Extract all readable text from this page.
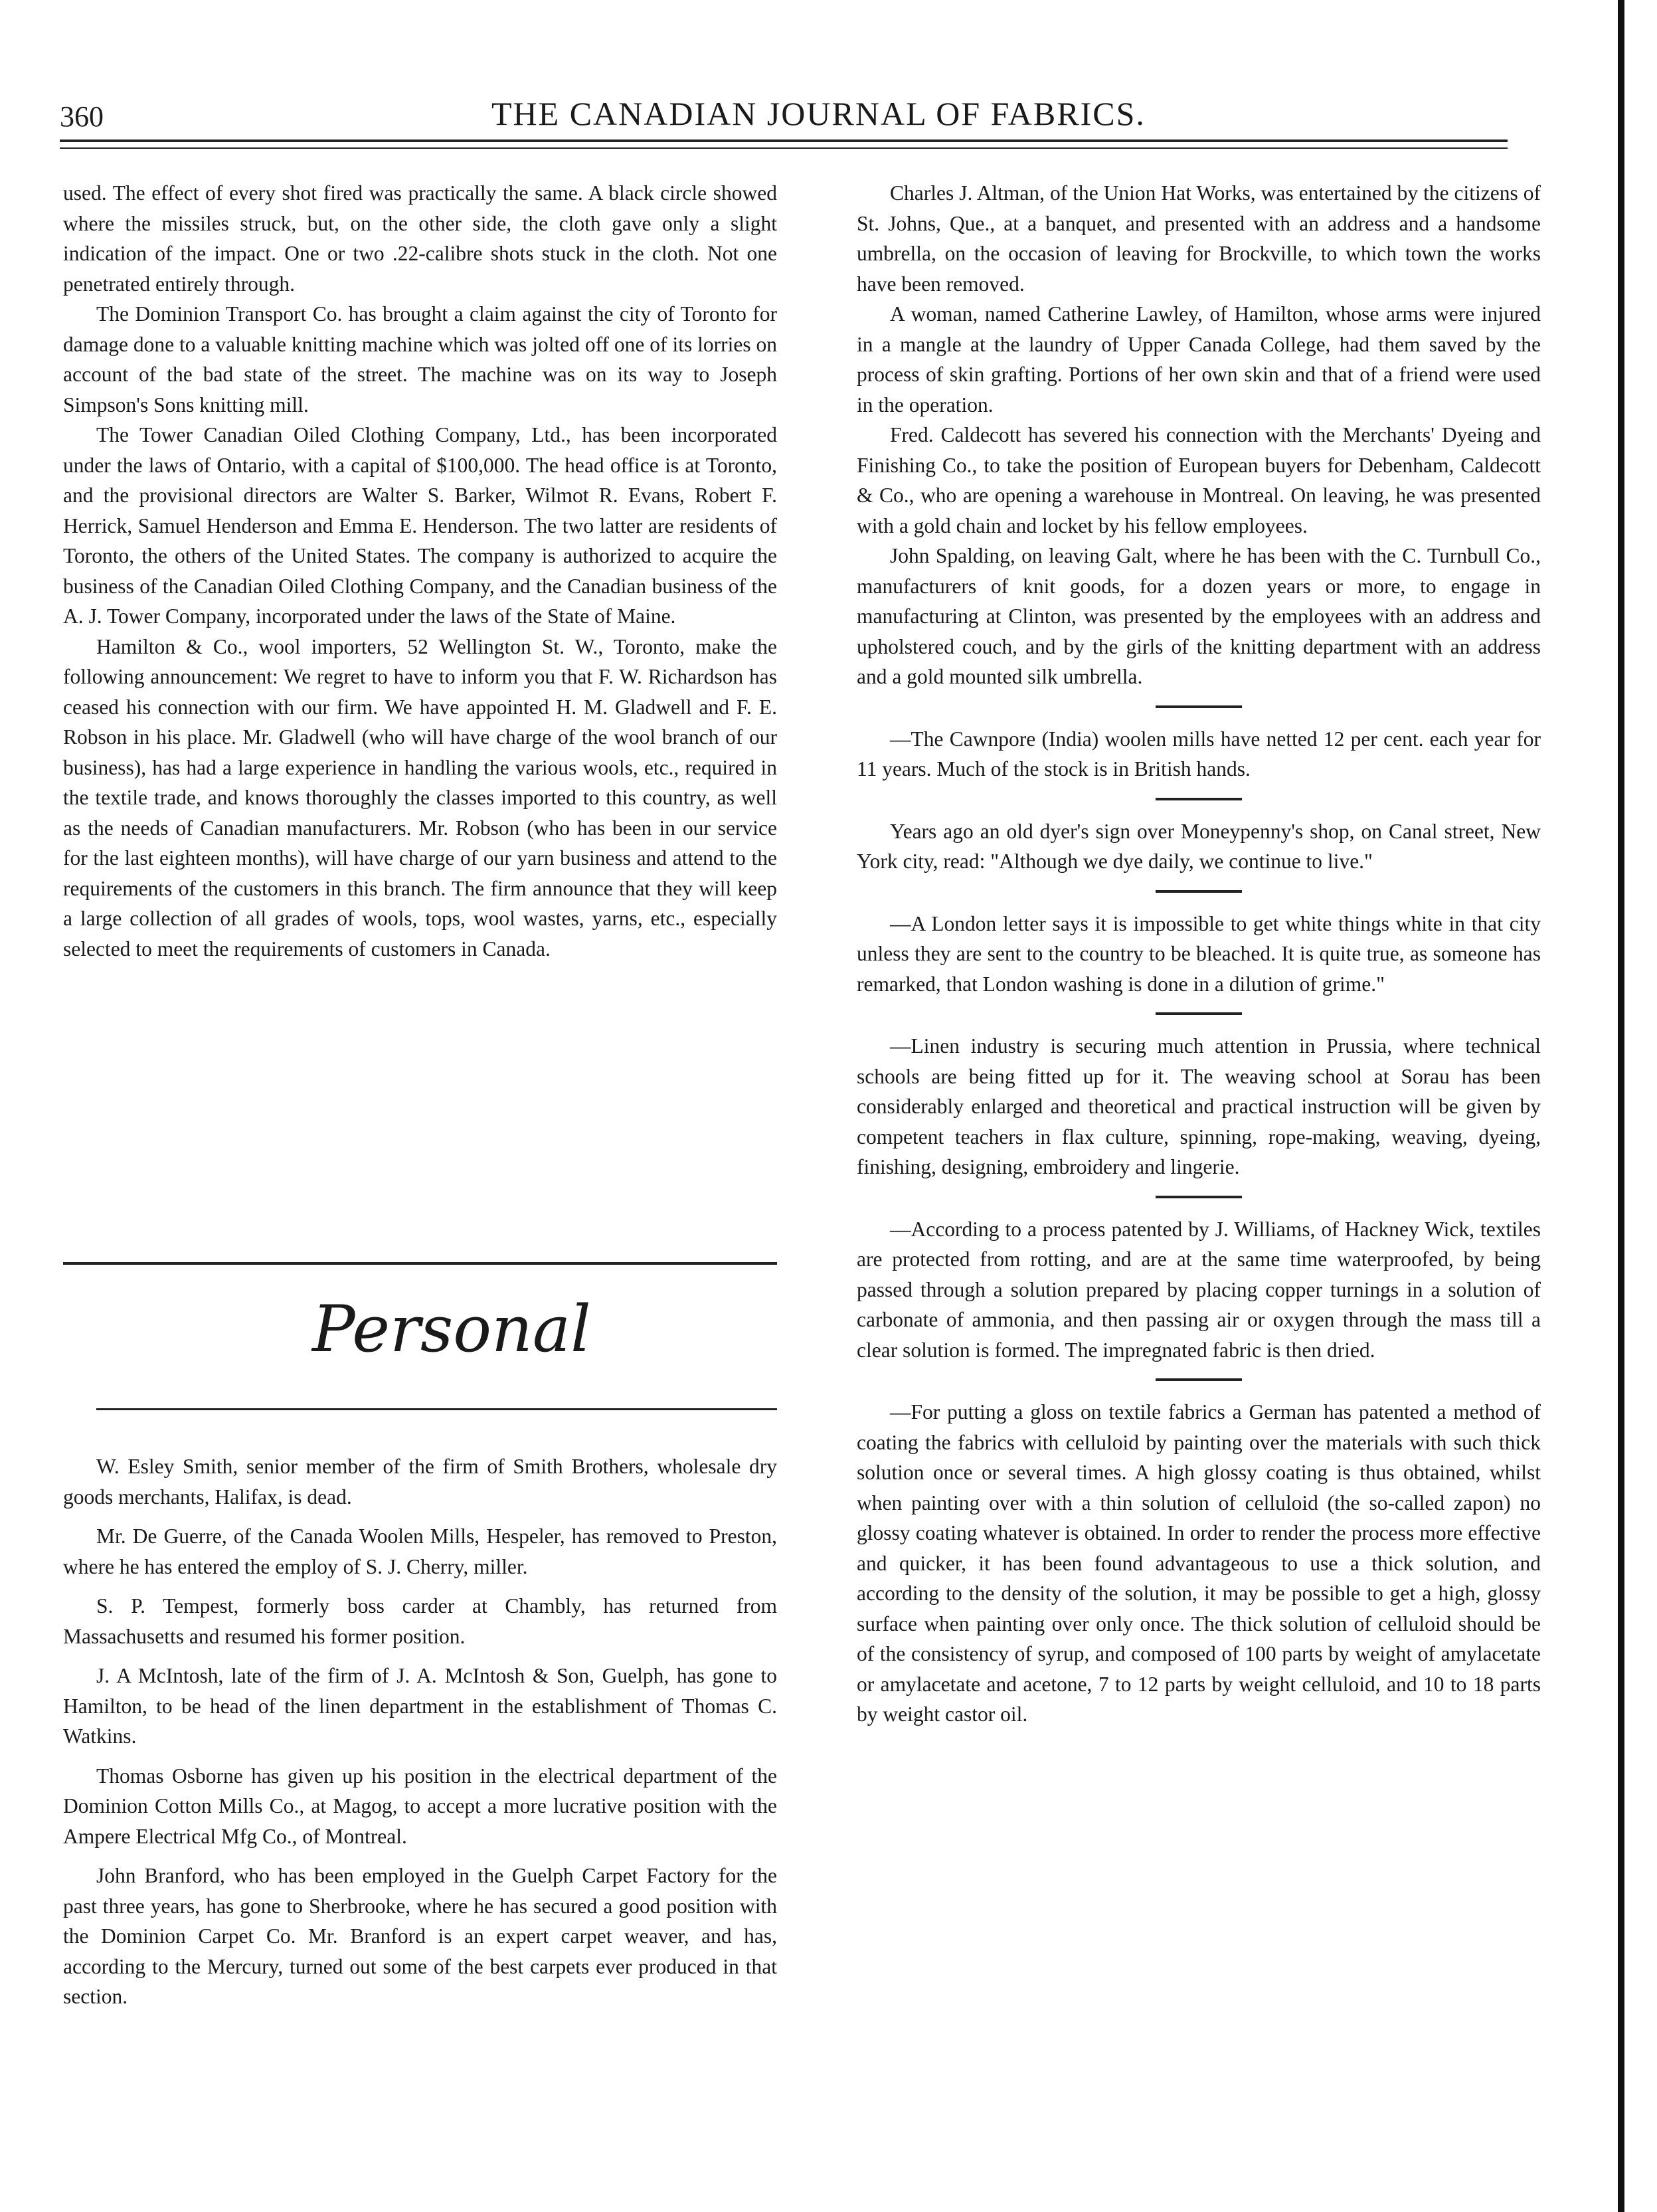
360	THE CANADIAN JOURNAL OF FABRICS.

used. The effect of every shot fired was practically the same. A black circle showed where the missiles struck, but, on the other side, the cloth gave only a slight indication of the impact. One or two .22-calibre shots stuck in the cloth. Not one penetrated entirely through.

The Dominion Transport Co. has brought a claim against the city of Toronto for damage done to a valuable knitting machine which was jolted off one of its lorries on account of the bad state of the street. The machine was on its way to Joseph Simpson's Sons knitting mill.

The Tower Canadian Oiled Clothing Company, Ltd., has been incorporated under the laws of Ontario, with a capital of $100,000. The head office is at Toronto, and the provisional directors are Walter S. Barker, Wilmot R. Evans, Robert F. Herrick, Samuel Henderson and Emma E. Henderson. The two latter are residents of Toronto, the others of the United States. The company is authorized to acquire the business of the Canadian Oiled Clothing Company, and the Canadian business of the A. J. Tower Company, incorporated under the laws of the State of Maine.

Hamilton & Co., wool importers, 52 Wellington St. W., Toronto, make the following announcement: We regret to have to inform you that F. W. Richardson has ceased his connection with our firm. We have appointed H. M. Gladwell and F. E. Robson in his place. Mr. Gladwell (who will have charge of the wool branch of our business), has had a large experience in handling the various wools, etc., required in the textile trade, and knows thoroughly the classes imported to this country, as well as the needs of Canadian manufacturers. Mr. Robson (who has been in our service for the last eighteen months), will have charge of our yarn business and attend to the requirements of the customers in this branch. The firm announce that they will keep a large collection of all grades of wools, tops, wool wastes, yarns, etc., especially selected to meet the requirements of customers in Canada.

Personal

W. Esley Smith, senior member of the firm of Smith Brothers, wholesale dry goods merchants, Halifax, is dead.

Mr. De Guerre, of the Canada Woolen Mills, Hespeler, has removed to Preston, where he has entered the employ of S. J. Cherry, miller.

S. P. Tempest, formerly boss carder at Chambly, has returned from Massachusetts and resumed his former position.

J. A McIntosh, late of the firm of J. A. McIntosh & Son, Guelph, has gone to Hamilton, to be head of the linen department in the establishment of Thomas C. Watkins.

Thomas Osborne has given up his position in the electrical department of the Dominion Cotton Mills Co., at Magog, to accept a more lucrative position with the Ampere Electrical Mfg Co., of Montreal.

John Branford, who has been employed in the Guelph Carpet Factory for the past three years, has gone to Sherbrooke, where he has secured a good position with the Dominion Carpet Co. Mr. Branford is an expert carpet weaver, and has, according to the Mercury, turned out some of the best carpets ever produced in that section.

Charles J. Altman, of the Union Hat Works, was entertained by the citizens of St. Johns, Que., at a banquet, and presented with an address and a handsome umbrella, on the occasion of leaving for Brockville, to which town the works have been removed.

A woman, named Catherine Lawley, of Hamilton, whose arms were injured in a mangle at the laundry of Upper Canada College, had them saved by the process of skin grafting. Portions of her own skin and that of a friend were used in the operation.

Fred. Caldecott has severed his connection with the Merchants' Dyeing and Finishing Co., to take the position of European buyers for Debenham, Caldecott & Co., who are opening a warehouse in Montreal. On leaving, he was presented with a gold chain and locket by his fellow employees.

John Spalding, on leaving Galt, where he has been with the C. Turnbull Co., manufacturers of knit goods, for a dozen years or more, to engage in manufacturing at Clinton, was presented by the employees with an address and upholstered couch, and by the girls of the knitting department with an address and a gold mounted silk umbrella.

—The Cawnpore (India) woolen mills have netted 12 per cent. each year for 11 years. Much of the stock is in British hands.

Years ago an old dyer's sign over Moneypenny's shop, on Canal street, New York city, read: "Although we dye daily, we continue to live."

—A London letter says it is impossible to get white things white in that city unless they are sent to the country to be bleached. It is quite true, as someone has remarked, that London washing is done in a dilution of grime."

—Linen industry is securing much attention in Prussia, where technical schools are being fitted up for it. The weaving school at Sorau has been considerably enlarged and theoretical and practical instruction will be given by competent teachers in flax culture, spinning, rope-making, weaving, dyeing, finishing, designing, embroidery and lingerie.

—According to a process patented by J. Williams, of Hackney Wick, textiles are protected from rotting, and are at the same time waterproofed, by being passed through a solution prepared by placing copper turnings in a solution of carbonate of ammonia, and then passing air or oxygen through the mass till a clear solution is formed. The impregnated fabric is then dried.

—For putting a gloss on textile fabrics a German has patented a method of coating the fabrics with celluloid by painting over the materials with such thick solution once or several times. A high glossy coating is thus obtained, whilst when painting over with a thin solution of celluloid (the so-called zapon) no glossy coating whatever is obtained. In order to render the process more effective and quicker, it has been found advantageous to use a thick solution, and according to the density of the solution, it may be possible to get a high, glossy surface when painting over only once. The thick solution of celluloid should be of the consistency of syrup, and composed of 100 parts by weight of amylacetate or amylacetate and acetone, 7 to 12 parts by weight celluloid, and 10 to 18 parts by weight castor oil.
